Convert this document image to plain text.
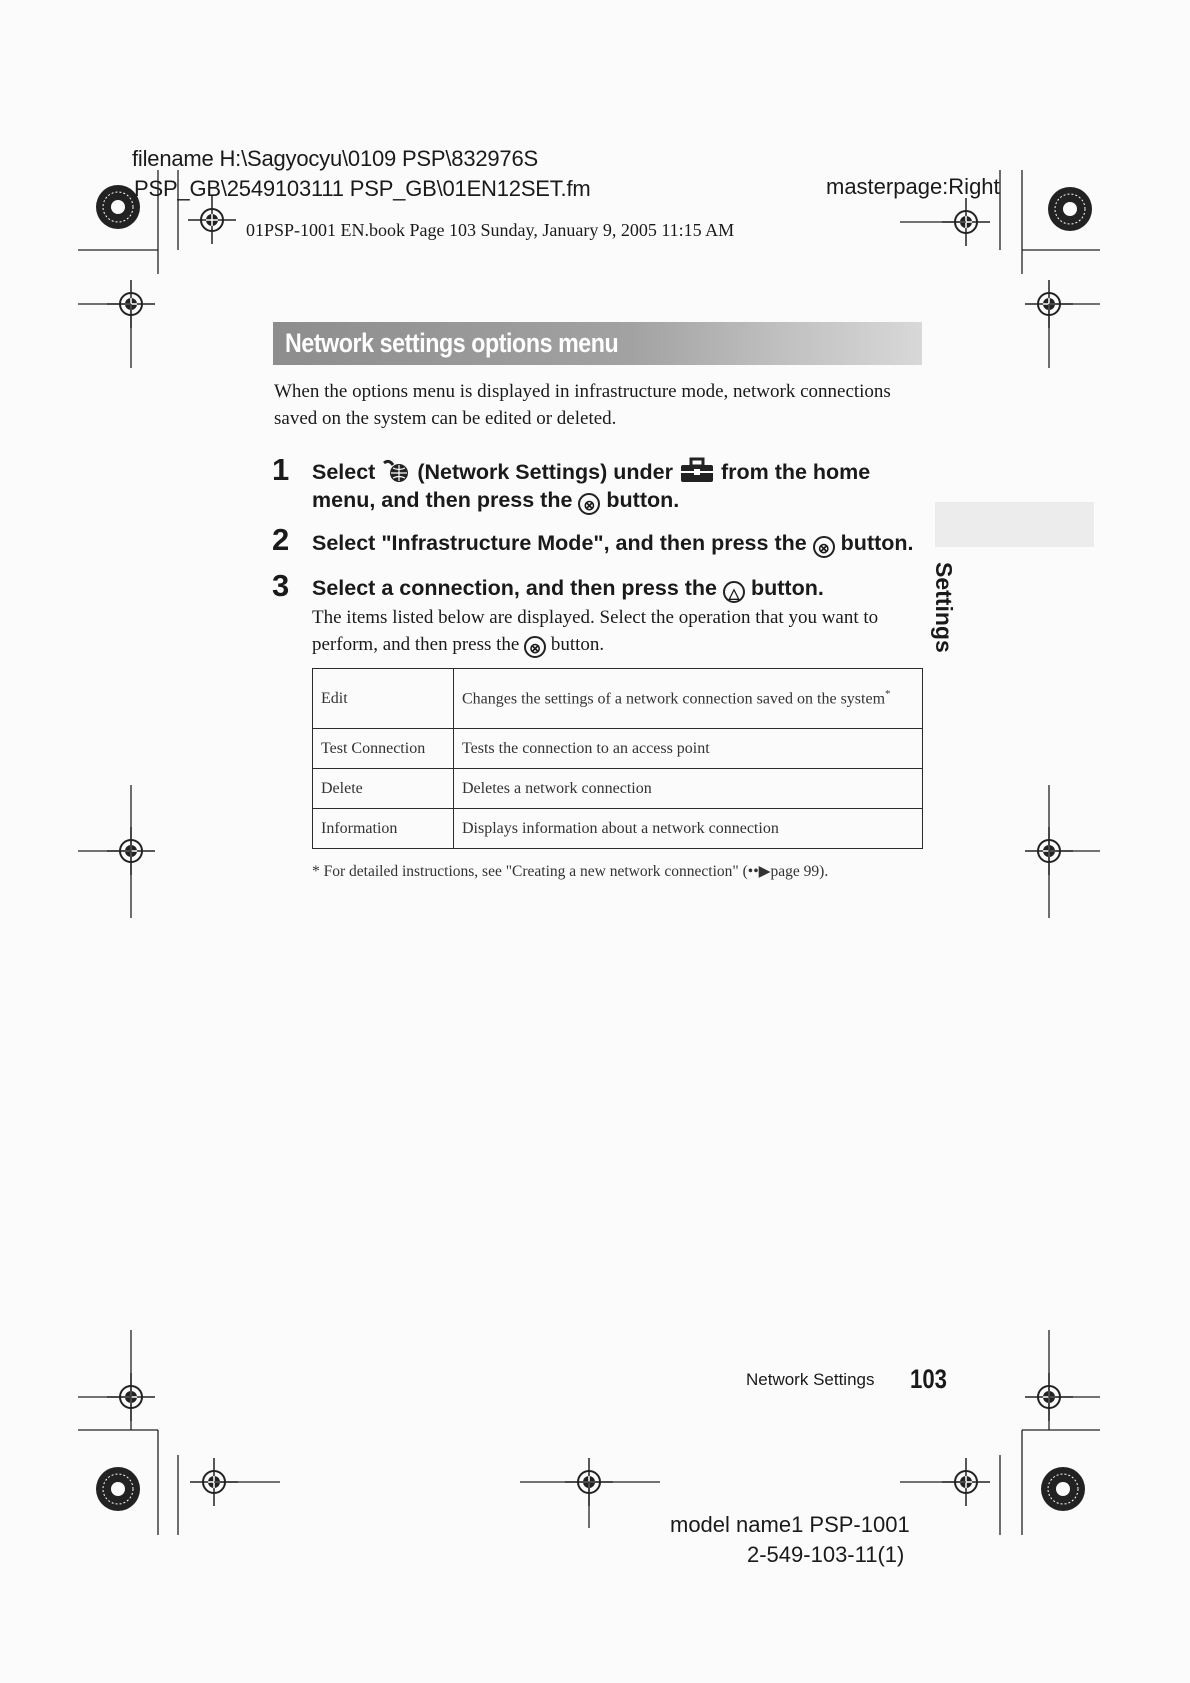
filename H:\Sagyocyu\0109 PSP\832976S
PSP_GB\2549103111 PSP_GB\01EN12SET.fm	masterpage:Right
01PSP-1001 EN.book Page 103 Sunday, January 9, 2005 11:15 AM
Network settings options menu
When the options menu is displayed in infrastructure mode, network connections saved on the system can be edited or deleted.
1 Select (Network Settings) under from the home
menu, and then press the ⊗ button.
2 Select "Infrastructure Mode", and then press the ⊗ button.
3 Select a connection, and then press the △ button.
The items listed below are displayed. Select the operation that you want to perform, and then press the ⊗ button.
Edit	Changes the settings of a network connection saved on the system*
Test Connection	Tests the connection to an access point
Delete	Deletes a network connection
Information	Displays information about a network connection
* For detailed instructions, see "Creating a new network connection" (••▶page 99).
Settings
Network Settings 103
model name1 PSP-1001
2-549-103-11(1)
